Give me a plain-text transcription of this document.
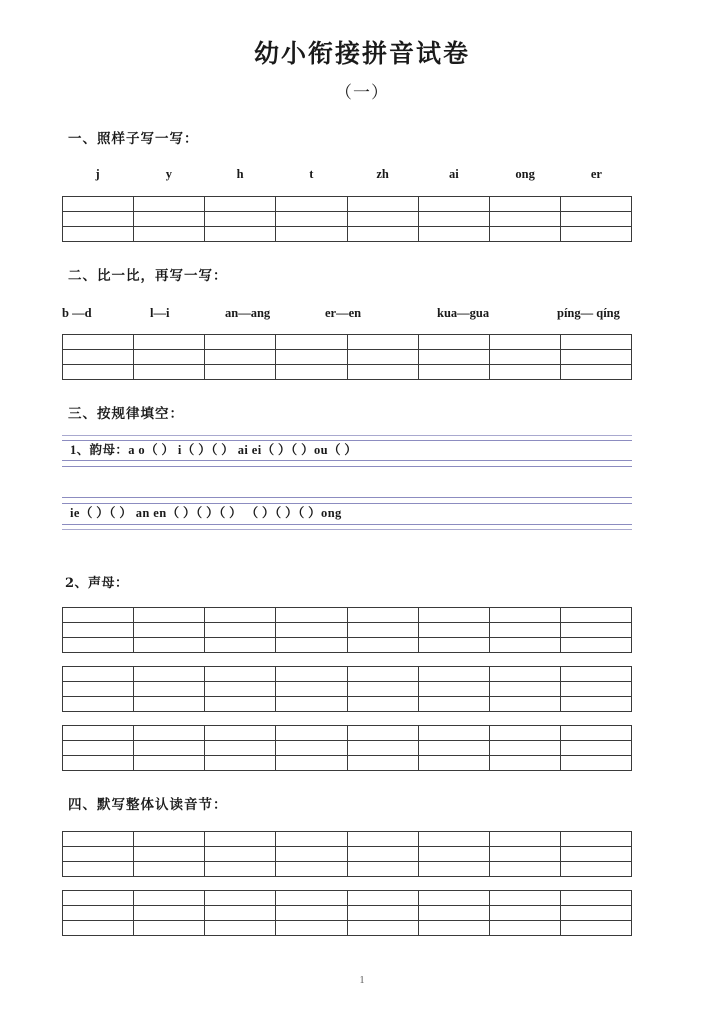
幼小衔接拼音试卷
（一）
一、照样子写一写：
j	y	h	t	zh	ai	ong	er

二、比一比，再写一写：
b —d	l—i	an—ang	er—en	kua—gua	píng— qíng

三、按规律填空：
1、韵母：a o（ ） i（ ）（ ） ai ei（ ）（ ）ou（ ）
ie（ ）（ ） an en（ ）（ ）（ ） （ ）（ ）（ ）ong
2、声母：

四、默写整体认读音节：

1
